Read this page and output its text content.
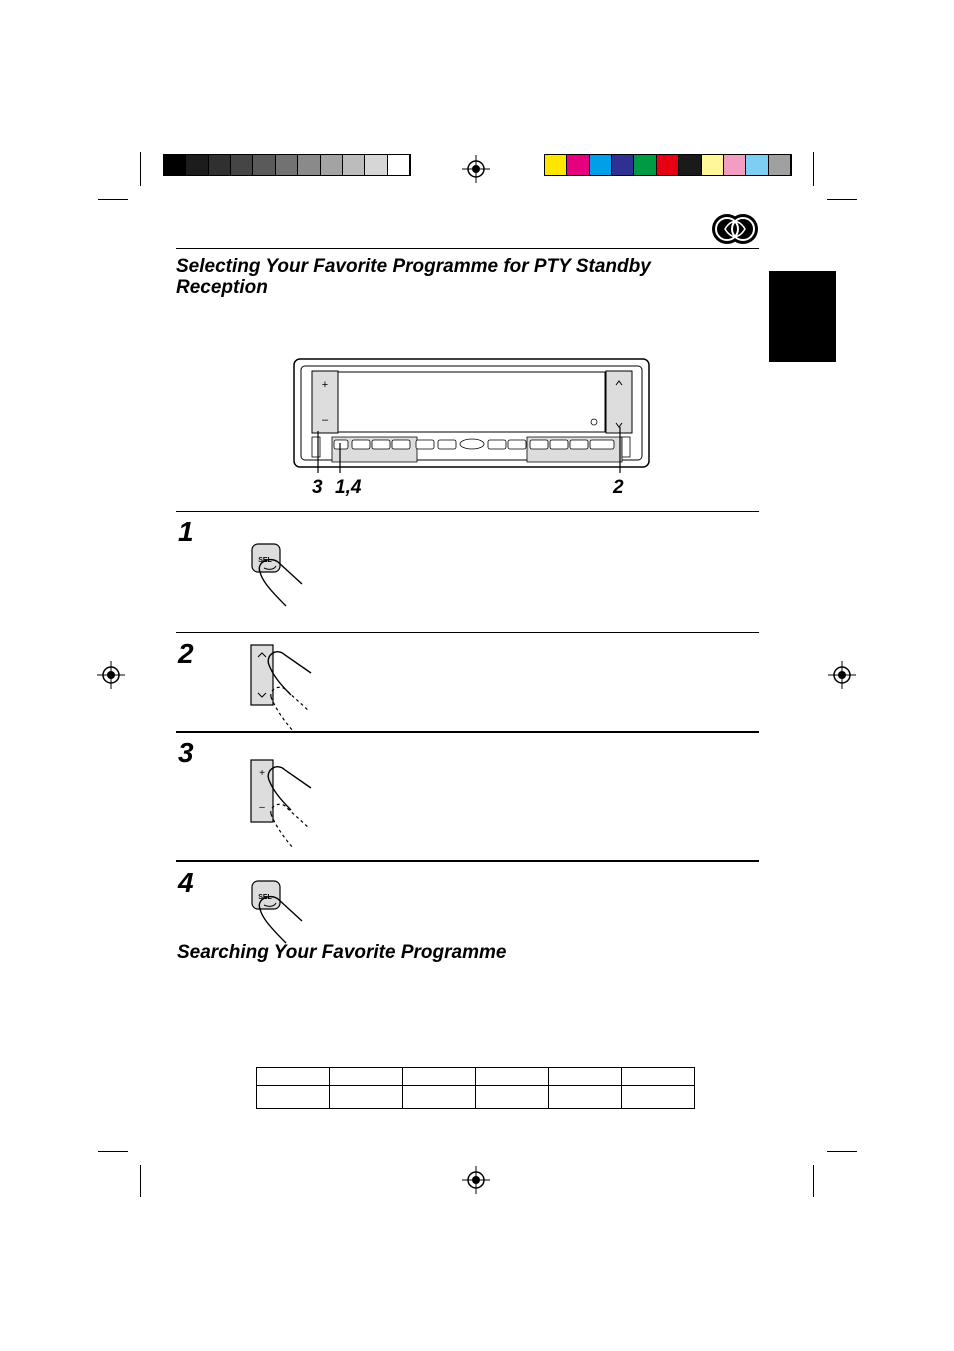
Selecting Your Favorite Programme for PTY Standby Reception
+
–
3 1,4	2
1
2
3
4
SEL
+
–
SEL
Searching Your Favorite Programme
